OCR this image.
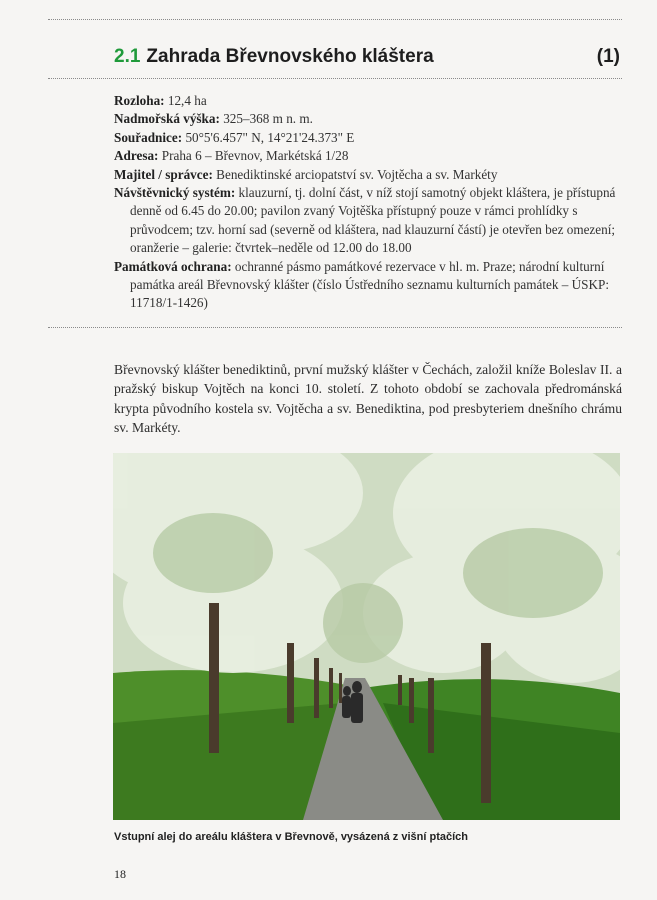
2.1 Zahrada Břevnovského kláštera	(1)

Rozloha: 12,4 ha

Nadmořská výška: 325–368 m n. m.

Souřadnice: 50°5'6.457" N, 14°21'24.373" E

Adresa: Praha 6 – Břevnov, Markétská 1/28

Majitel / správce: Benediktinské arciopatství sv. Vojtěcha a sv. Markéty

Návštěvnický systém: klauzurní, tj. dolní část, v níž stojí samotný objekt kláštera, je přístupná denně od 6.45 do 20.00; pavilon zvaný Vojtěška přístupný pouze v rámci prohlídky s průvodcem; tzv. horní sad (severně od kláštera, nad klauzurní částí) je otevřen bez omezení; oranžerie – galerie: čtvrtek–neděle od 12.00 do 18.00

Památková ochrana: ochranné pásmo památkové rezervace v hl. m. Praze; národní kulturní památka areál Břevnovský klášter (číslo Ústředního seznamu kulturních památek – ÚSKP: 11718/1-1426)

Břevnovský klášter benediktinů, první mužský klášter v Čechách, založil kníže Boleslav II. a pražský biskup Vojtěch na konci 10. století. Z tohoto období se zachovala předrománská krypta původního kostela sv. Vojtěcha a sv. Benediktina, pod presbyteriem dnešního chrámu sv. Markéty.

Vstupní alej do areálu kláštera v Břevnově, vysázená z višní ptačích
18
